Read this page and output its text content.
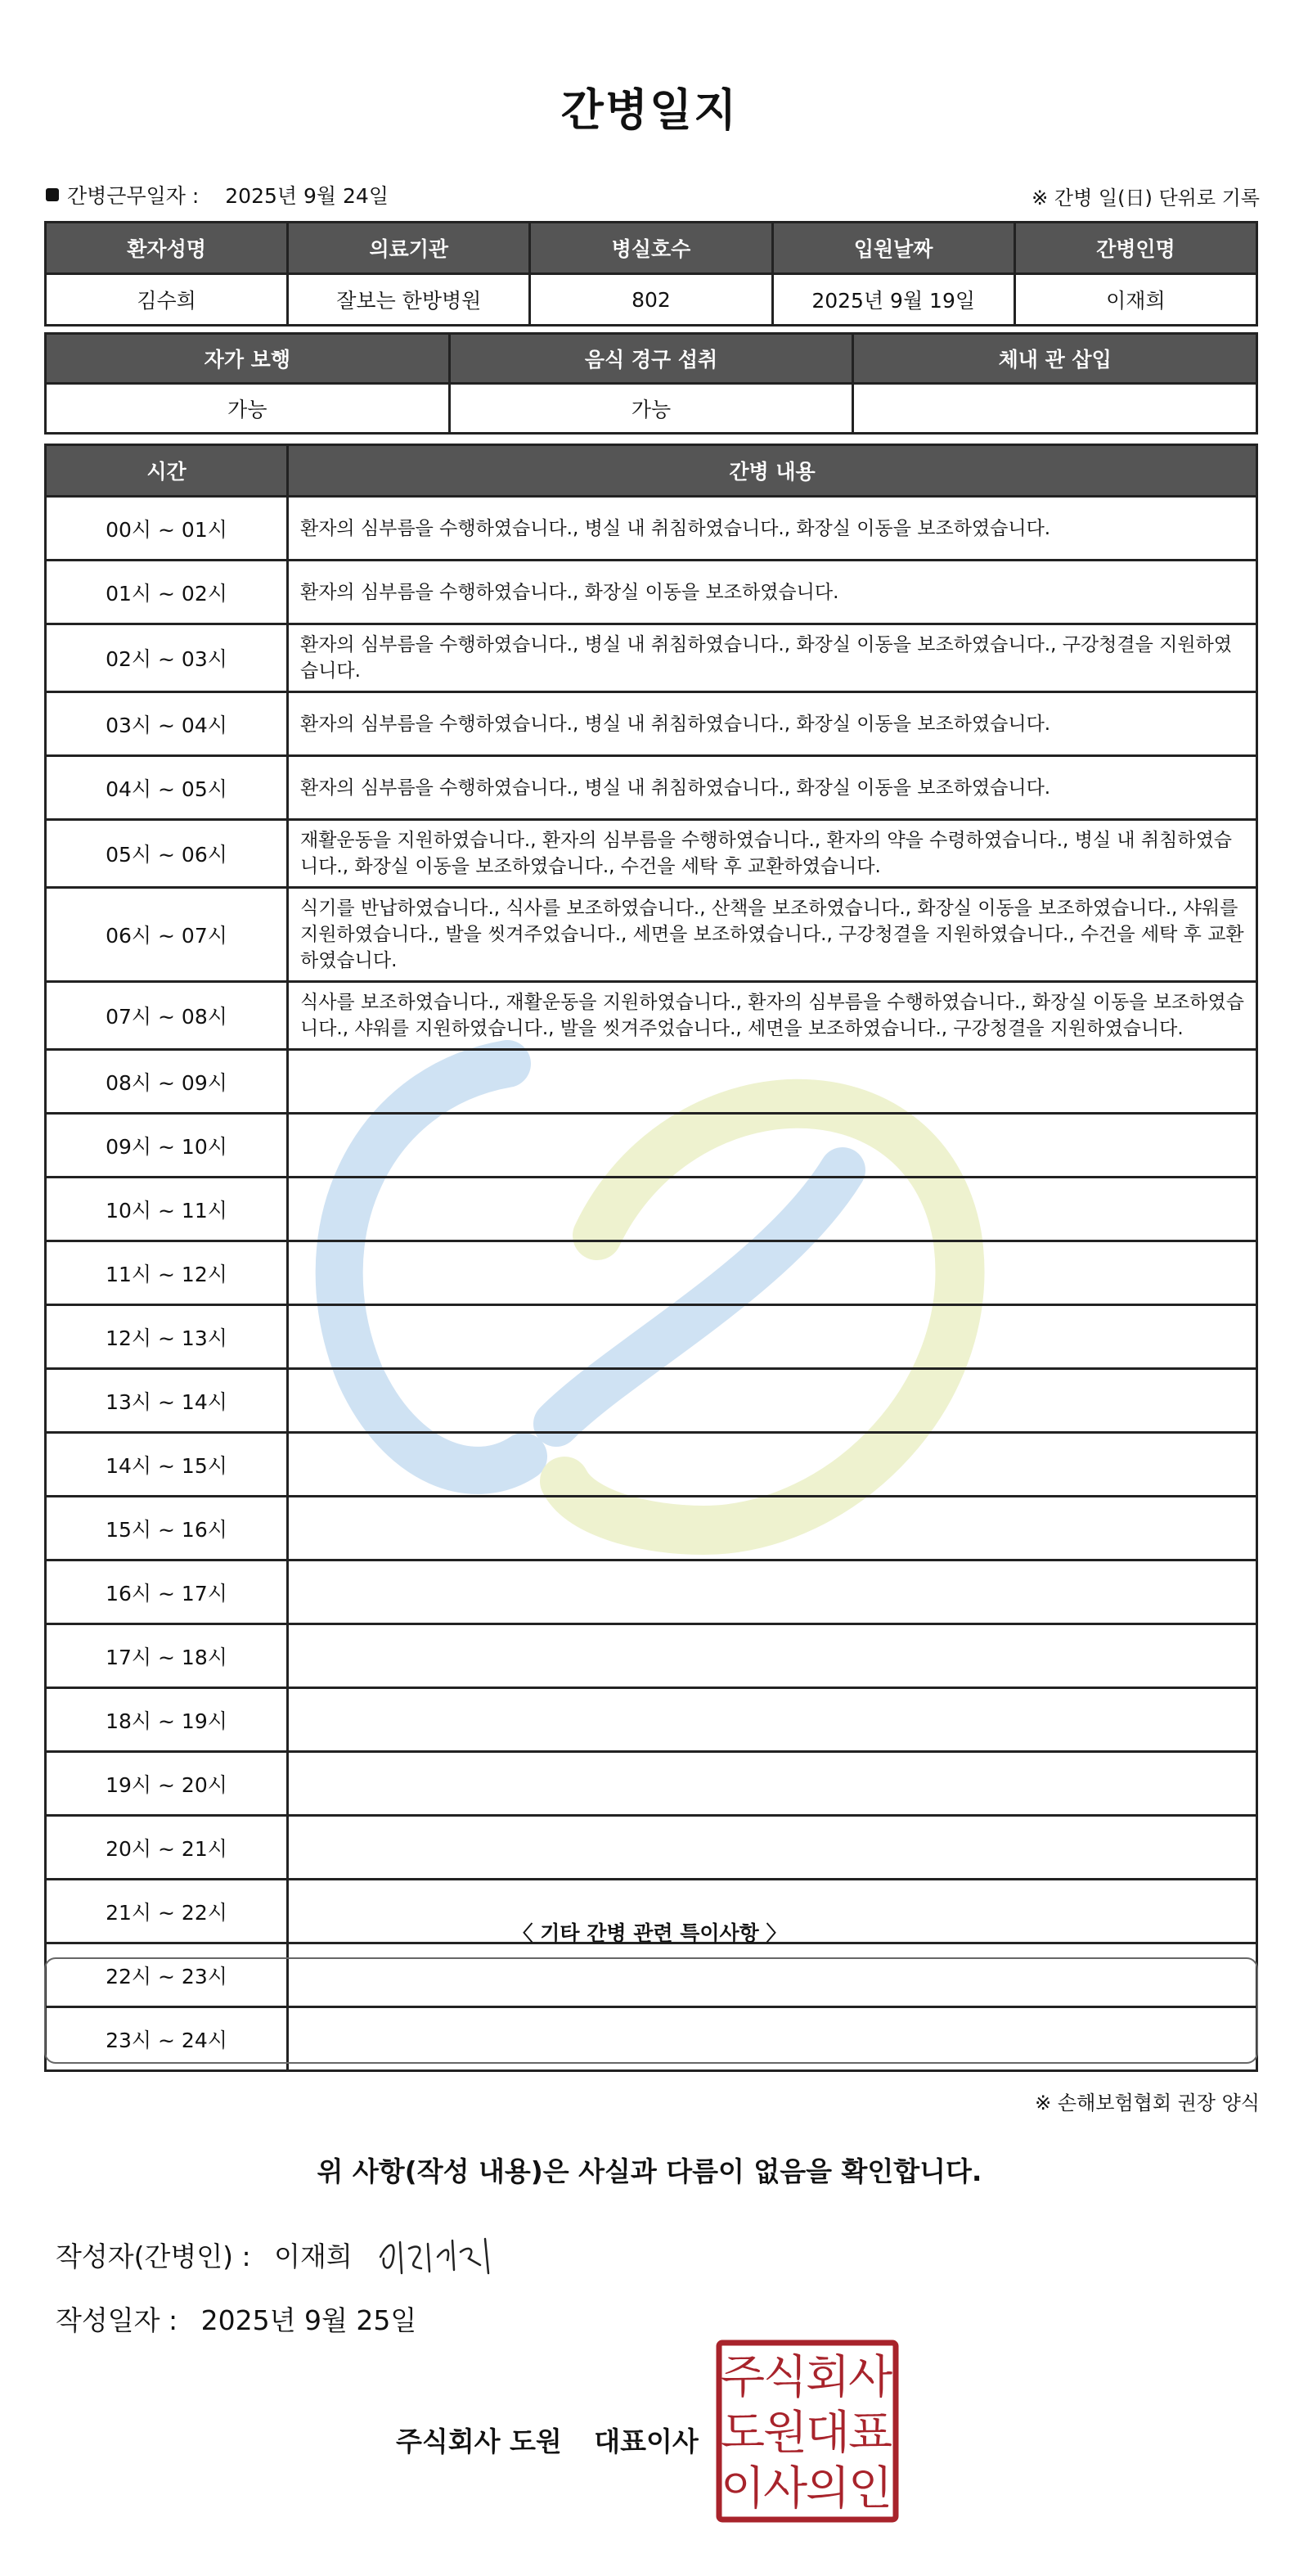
간병일지
간병근무일자 : 2025년 9월 24일	※ 간병 일(日) 단위로 기록
환자성명	의료기관	병실호수	입원날짜	간병인명
김수희	잘보는 한방병원	802	2025년 9월 19일	이재희
자가 보행	음식 경구 섭취	체내 관 삽입
가능	가능	
시간	간병 내용
00시 ~ 01시	환자의 심부름을 수행하였습니다., 병실 내 취침하였습니다., 화장실 이동을 보조하였습니다.
01시 ~ 02시	환자의 심부름을 수행하였습니다., 화장실 이동을 보조하였습니다.
02시 ~ 03시	환자의 심부름을 수행하였습니다., 병실 내 취침하였습니다., 화장실 이동을 보조하였습니다., 구강청결을 지원하였습니다.
03시 ~ 04시	환자의 심부름을 수행하였습니다., 병실 내 취침하였습니다., 화장실 이동을 보조하였습니다.
04시 ~ 05시	환자의 심부름을 수행하였습니다., 병실 내 취침하였습니다., 화장실 이동을 보조하였습니다.
05시 ~ 06시	재활운동을 지원하였습니다., 환자의 심부름을 수행하였습니다., 환자의 약을 수령하였습니다., 병실 내 취침하였습니다., 화장실 이동을 보조하였습니다., 수건을 세탁 후 교환하였습니다.
06시 ~ 07시	식기를 반납하였습니다., 식사를 보조하였습니다., 산책을 보조하였습니다., 화장실 이동을 보조하였습니다., 샤워를 지원하였습니다., 발을 씻겨주었습니다., 세면을 보조하였습니다., 구강청결을 지원하였습니다., 수건을 세탁 후 교환하였습니다.
07시 ~ 08시	식사를 보조하였습니다., 재활운동을 지원하였습니다., 환자의 심부름을 수행하였습니다., 화장실 이동을 보조하였습니다., 샤워를 지원하였습니다., 발을 씻겨주었습니다., 세면을 보조하였습니다., 구강청결을 지원하였습니다.
08시 ~ 09시	
09시 ~ 10시	
10시 ~ 11시	
11시 ~ 12시	
12시 ~ 13시	
13시 ~ 14시	
14시 ~ 15시	
15시 ~ 16시	
16시 ~ 17시	
17시 ~ 18시	
18시 ~ 19시	
19시 ~ 20시	
20시 ~ 21시	
21시 ~ 22시	
22시 ~ 23시	
23시 ~ 24시	
〈 기타 간병 관련 특이사항 〉
※ 손해보험협회 권장 양식
위 사항(작성 내용)은 사실과 다름이 없음을 확인합니다.
작성자(간병인) : 이재희
작성일자 : 2025년 9월 25일
주식회사 도원 대표이사
주
식
회
사
도
원
대
표
이
사
의
인
